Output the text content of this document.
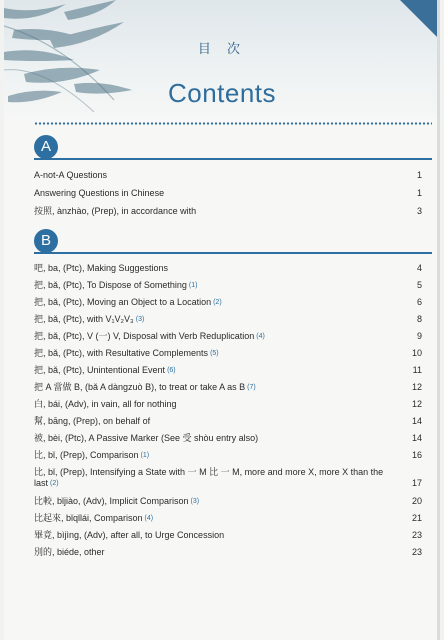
目 次
Contents
A
A-not-A Questions	1
Answering Questions in Chinese	1
按照, ànzhào, (Prep), in accordance with	3
B
吧, ba, (Ptc), Making Suggestions	4
把, bǎ, (Ptc), To Dispose of Something (1)	5
把, bǎ, (Ptc), Moving an Object to a Location (2)	6
把, bǎ, (Ptc), with V₁V₂V₃ (3)	8
把, bǎ, (Ptc), V (一) V, Disposal with Verb Reduplication (4)	9
把, bǎ, (Ptc), with Resultative Complements (5)	10
把, bǎ, (Ptc), Unintentional Event (6)	11
把 A 當做 B, (bǎ A dàngzuò B), to treat or take A as B (7)	12
白, bái, (Adv), in vain, all for nothing	12
幫, bāng, (Prep), on behalf of	14
被, bèi, (Ptc), A Passive Marker (See 受 shòu entry also)	14
比, bǐ, (Prep), Comparison (1)	16
比, bǐ, (Prep), Intensifying a State with 一 M 比 一 M, more and more X, more X than the last (2)	17
比較, bǐjiào, (Adv), Implicit Comparison (3)	20
比起來, bǐqǐlái, Comparison (4)	21
畢竟, bìjìng, (Adv), after all, to Urge Concession	23
別的, biéde, other	23
